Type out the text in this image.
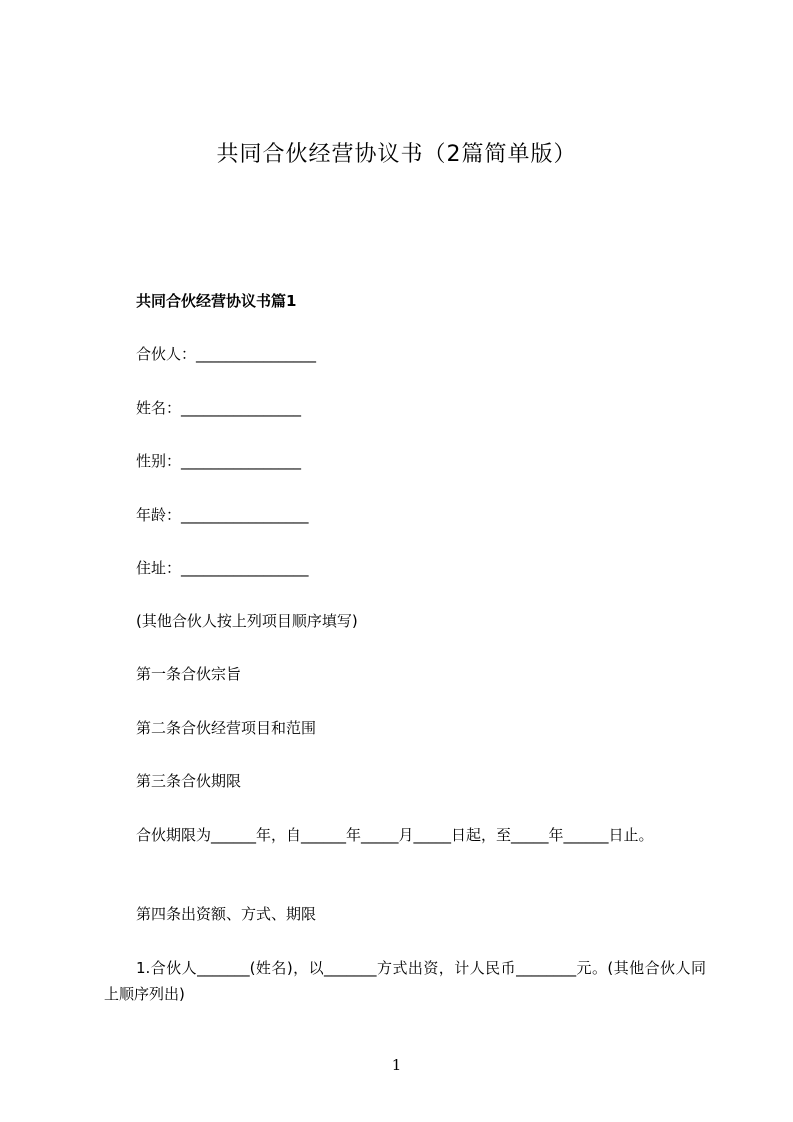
共同合伙经营协议书（2篇简单版）
共同合伙经营协议书篇1
合伙人：________________
姓名：________________
性别：________________
年龄：_________________
住址：_________________
(其他合伙人按上列项目顺序填写)
第一条合伙宗旨
第二条合伙经营项目和范围
第三条合伙期限
合伙期限为______年，自______年_____月_____日起，至_____年______日止。
第四条出资额、方式、期限
1.合伙人_______(姓名)，以_______方式出资，计人民币________元。(其他合伙人同上顺序列出)
1
